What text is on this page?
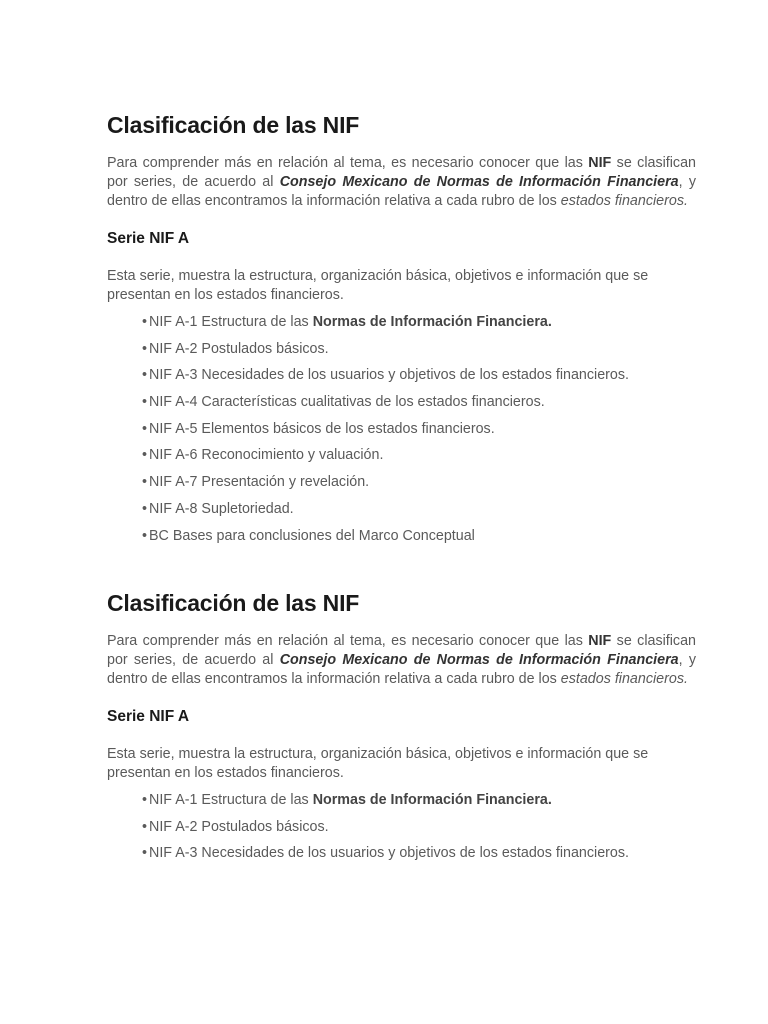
Clasificación de las NIF

Para comprender más en relación al tema, es necesario conocer que las NIF se clasifican por series, de acuerdo al Consejo Mexicano de Normas de Información Financiera, y dentro de ellas encontramos la información relativa a cada rubro de los estados financieros.

Serie NIF A

Esta serie, muestra la estructura, organización básica, objetivos e información que se presentan en los estados financieros.

• NIF A-1 Estructura de las Normas de Información Financiera.
• NIF A-2 Postulados básicos.
• NIF A-3 Necesidades de los usuarios y objetivos de los estados financieros.
• NIF A-4 Características cualitativas de los estados financieros.
• NIF A-5 Elementos básicos de los estados financieros.
• NIF A-6 Reconocimiento y valuación.
• NIF A-7 Presentación y revelación.
• NIF A-8 Supletoriedad.
• BC Bases para conclusiones del Marco Conceptual
Clasificación de las NIF

Para comprender más en relación al tema, es necesario conocer que las NIF se clasifican por series, de acuerdo al Consejo Mexicano de Normas de Información Financiera, y dentro de ellas encontramos la información relativa a cada rubro de los estados financieros.

Serie NIF A

Esta serie, muestra la estructura, organización básica, objetivos e información que se presentan en los estados financieros.

• NIF A-1 Estructura de las Normas de Información Financiera.
• NIF A-2 Postulados básicos.
• NIF A-3 Necesidades de los usuarios y objetivos de los estados financieros.
